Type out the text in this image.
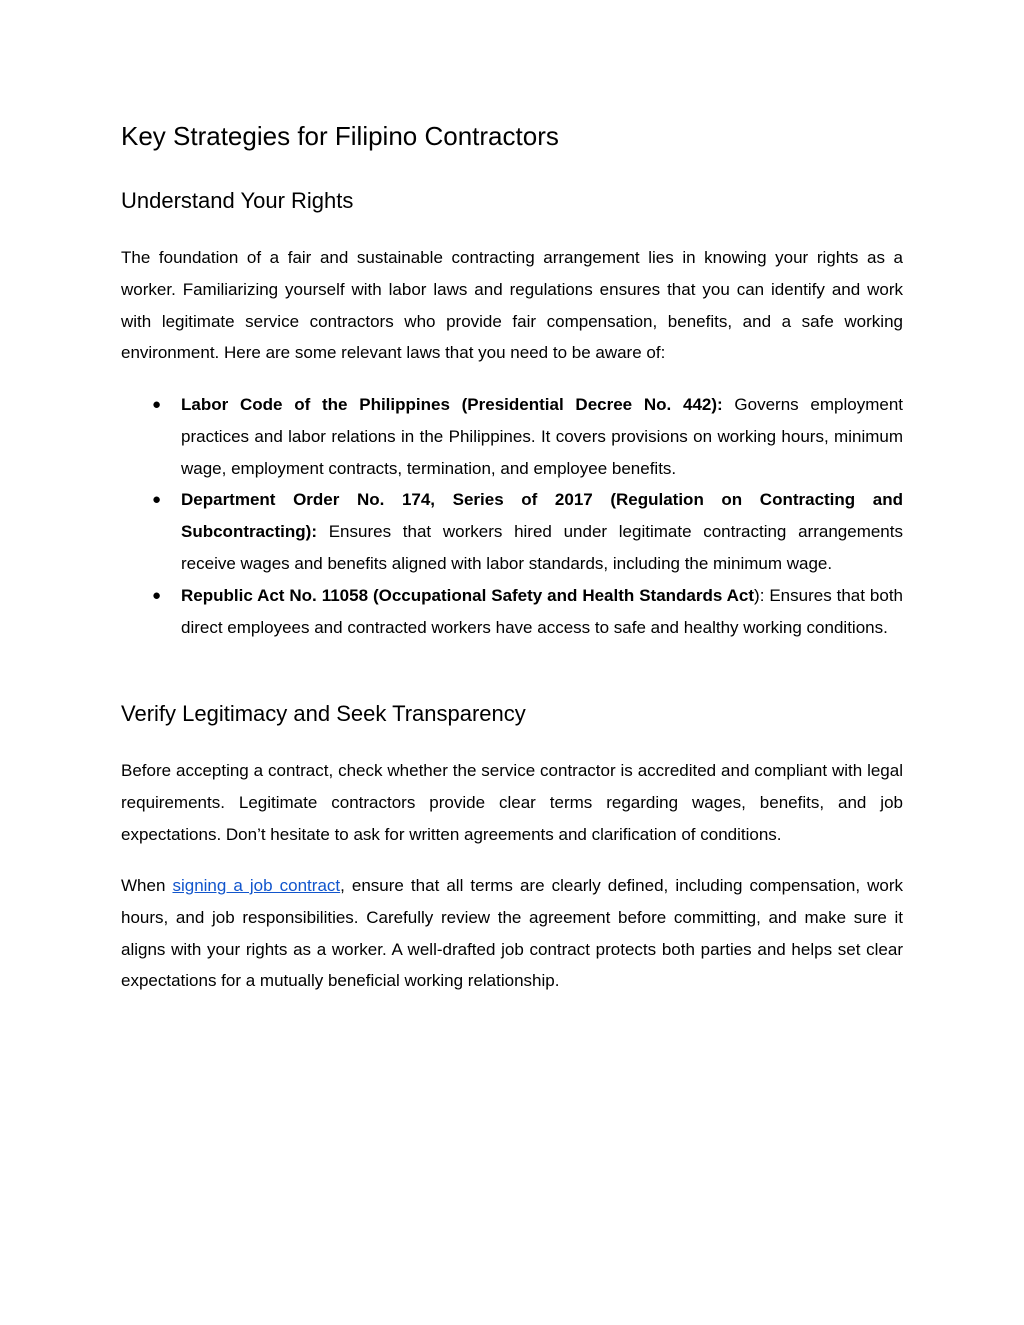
Key Strategies for Filipino Contractors
Understand Your Rights

The foundation of a fair and sustainable contracting arrangement lies in knowing your rights as a worker. Familiarizing yourself with labor laws and regulations ensures that you can identify and work with legitimate service contractors who provide fair compensation, benefits, and a safe working environment. Here are some relevant laws that you need to be aware of:

● Labor Code of the Philippines (Presidential Decree No. 442): Governs employment practices and labor relations in the Philippines. It covers provisions on working hours, minimum wage, employment contracts, termination, and employee benefits.
● Department Order No. 174, Series of 2017 (Regulation on Contracting and Subcontracting): Ensures that workers hired under legitimate contracting arrangements receive wages and benefits aligned with labor standards, including the minimum wage.
● Republic Act No. 11058 (Occupational Safety and Health Standards Act): Ensures that both direct employees and contracted workers have access to safe and healthy working conditions.
Verify Legitimacy and Seek Transparency

Before accepting a contract, check whether the service contractor is accredited and compliant with legal requirements. Legitimate contractors provide clear terms regarding wages, benefits, and job expectations. Don’t hesitate to ask for written agreements and clarification of conditions.

When signing a job contract, ensure that all terms are clearly defined, including compensation, work hours, and job responsibilities. Carefully review the agreement before committing, and make sure it aligns with your rights as a worker. A well-drafted job contract protects both parties and helps set clear expectations for a mutually beneficial working relationship.
